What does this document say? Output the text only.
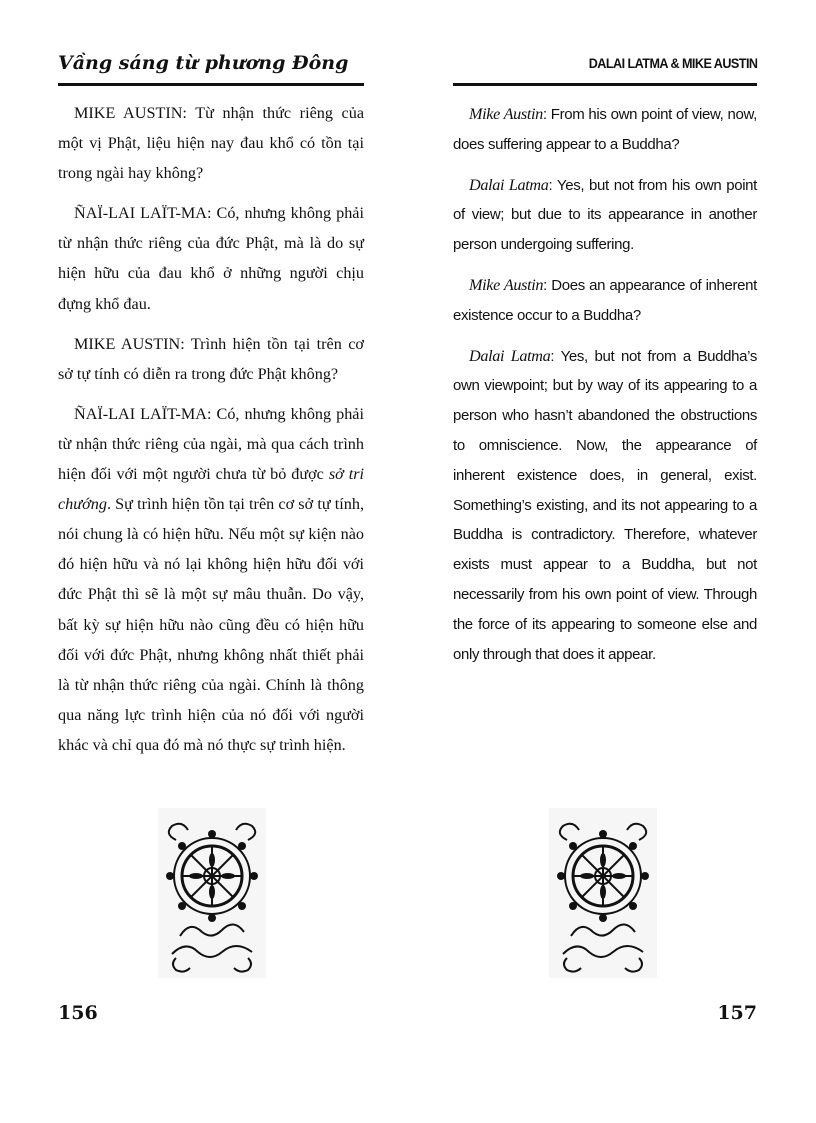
Vầng sáng từ phương Đông

MIKE AUSTIN: Từ nhận thức riêng của một vị Phật, liệu hiện nay đau khổ có tồn tại trong ngài hay không?

ÑAÏ-LAI LAÏT-MA: Có, nhưng không phải từ nhận thức riêng của đức Phật, mà là do sự hiện hữu của đau khổ ở những người chịu đựng khổ đau.

MIKE AUSTIN: Trình hiện tồn tại trên cơ sở tự tính có diễn ra trong đức Phật không?

ÑAÏ-LAI LAÏT-MA: Có, nhưng không phải từ nhận thức riêng của ngài, mà qua cách trình hiện đối với một người chưa từ bỏ được sở tri chướng. Sự trình hiện tồn tại trên cơ sở tự tính, nói chung là có hiện hữu. Nếu một sự kiện nào đó hiện hữu và nó lại không hiện hữu đối với đức Phật thì sẽ là một sự mâu thuẫn. Do vậy, bất kỳ sự hiện hữu nào cũng đều có hiện hữu đối với đức Phật, nhưng không nhất thiết phải là từ nhận thức riêng của ngài. Chính là thông qua năng lực trình hiện của nó đối với người khác và chỉ qua đó mà nó thực sự trình hiện.

156
DALAI LATMA & MIKE AUSTIN

Mike Austin: From his own point of view, now, does suffering appear to a Buddha?

Dalai Latma: Yes, but not from his own point of view; but due to its appearance in another person undergoing suffering.

Mike Austin: Does an appearance of inherent existence occur to a Buddha?

Dalai Latma: Yes, but not from a Buddha’s own viewpoint; but by way of its appearing to a person who hasn’t abandoned the obstructions to omniscience. Now, the appearance of inherent existence does, in general, exist. Something’s existing, and its not appearing to a Buddha is contradictory. Therefore, whatever exists must appear to a Buddha, but not necessarily from his own point of view. Through the force of its appearing to someone else and only through that does it appear.

157
